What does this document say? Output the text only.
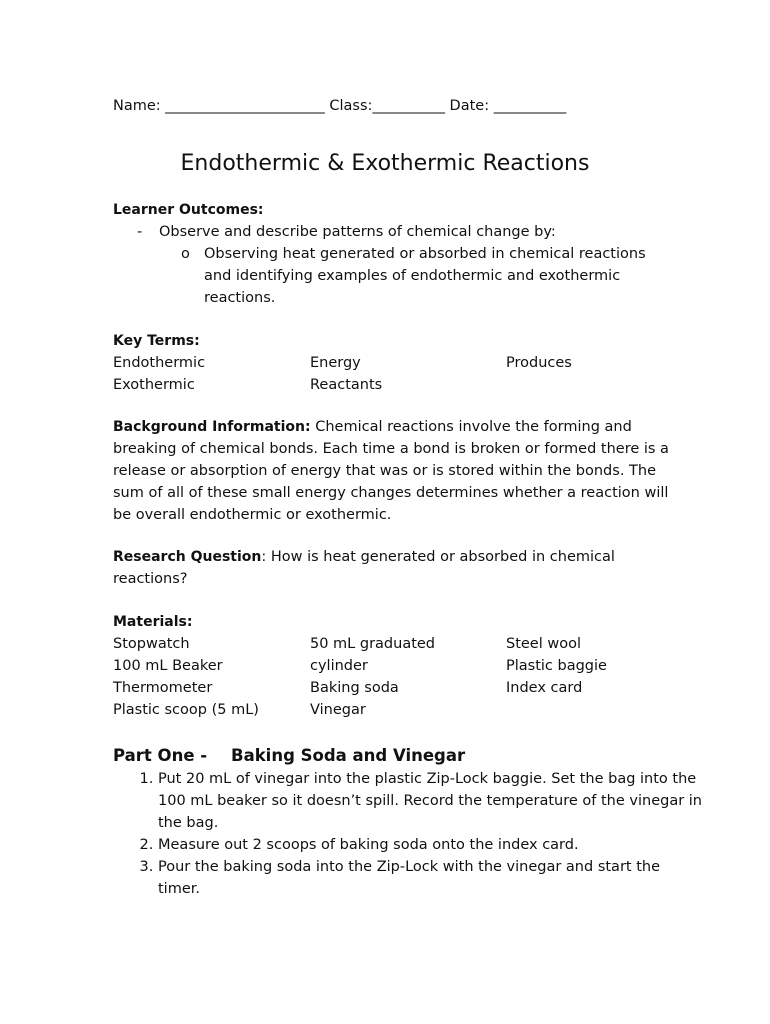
Name: ______________________ Class:__________ Date: __________
Endothermic & Exothermic Reactions
Learner Outcomes:
- Observe and describe patterns of chemical change by:
o Observing heat generated or absorbed in chemical reactions
and identifying examples of endothermic and exothermic
reactions.
Key Terms:
Endothermic
Exothermic
Energy
Reactants
Produces
Background Information: Chemical reactions involve the forming and
breaking of chemical bonds. Each time a bond is broken or formed there is a
release or absorption of energy that was or is stored within the bonds. The
sum of all of these small energy changes determines whether a reaction will
be overall endothermic or exothermic.
Research Question: How is heat generated or absorbed in chemical
reactions?
Materials:
Stopwatch
100 mL Beaker
Thermometer
Plastic scoop (5 mL)
50 mL graduated
cylinder
Baking soda
Vinegar
Steel wool
Plastic baggie
Index card
Part One - Baking Soda and Vinegar
1. Put 20 mL of vinegar into the plastic Zip-Lock baggie. Set the bag into the 100 mL beaker so it doesn’t spill. Record the temperature of the vinegar in the bag.
2. Measure out 2 scoops of baking soda onto the index card.
3. Pour the baking soda into the Zip-Lock with the vinegar and start the timer.
